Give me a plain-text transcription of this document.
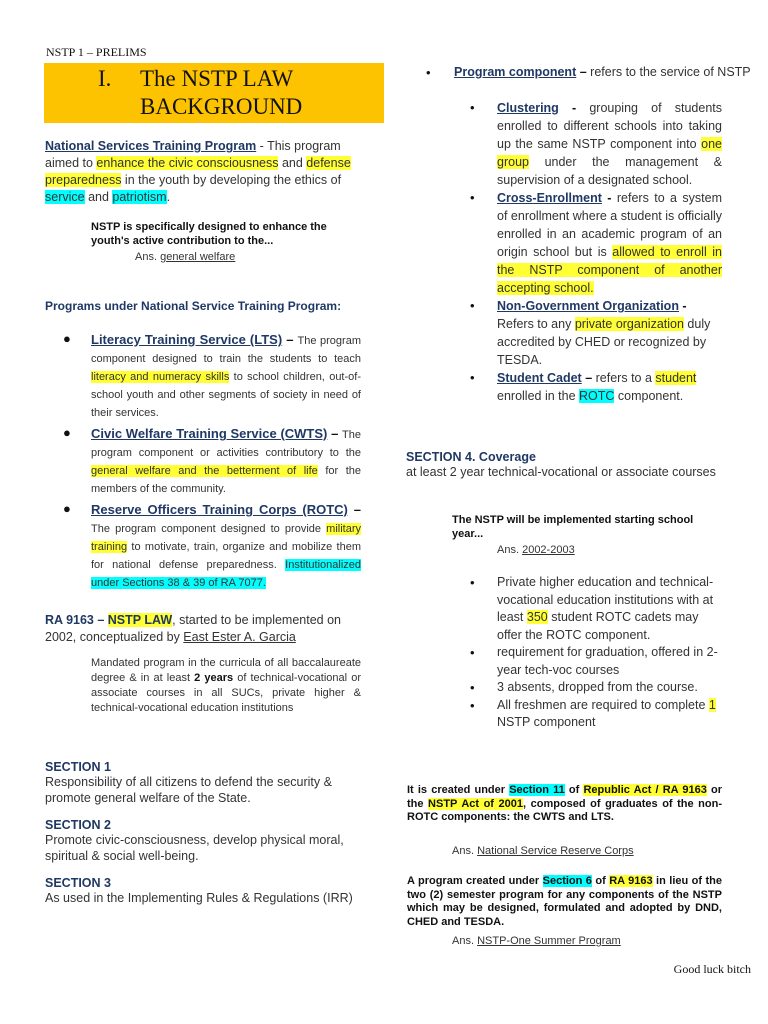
NSTP 1 – PRELIMS
I. The NSTP LAW
BACKGROUND
National Services Training Program - This program aimed to enhance the civic consciousness and defense preparedness in the youth by developing the ethics of service and patriotism.
NSTP is specifically designed to enhance the youth's active contribution to the...
Ans. general welfare
Programs under National Service Training Program:
● Literacy Training Service (LTS) – The program component designed to train the students to teach literacy and numeracy skills to school children, out-of-school youth and other segments of society in need of their services.
● Civic Welfare Training Service (CWTS) – The program component or activities contributory to the general welfare and the betterment of life for the members of the community.
● Reserve Officers Training Corps (ROTC) – The program component designed to provide military training to motivate, train, organize and mobilize them for national defense preparedness. Institutionalized under Sections 38 & 39 of RA 7077.
RA 9163 – NSTP LAW, started to be implemented on 2002, conceptualized by East Ester A. Garcia
Mandated program in the curricula of all baccalaureate degree & in at least 2 years of technical-vocational or associate courses in all SUCs, private higher & technical-vocational education institutions
SECTION 1
Responsibility of all citizens to defend the security & promote general welfare of the State.
SECTION 2
Promote civic-consciousness, develop physical moral, spiritual & social well-being.
SECTION 3
As used in the Implementing Rules & Regulations (IRR)
• Program component – refers to the service of NSTP
• Clustering - grouping of students enrolled to different schools into taking up the same NSTP component into one group under the management & supervision of a designated school.
• Cross-Enrollment - refers to a system of enrollment where a student is officially enrolled in an academic program of an origin school but is allowed to enroll in the NSTP component of another accepting school.
• Non-Government Organization - Refers to any private organization duly accredited by CHED or recognized by TESDA.
• Student Cadet – refers to a student enrolled in the ROTC component.
SECTION 4. Coverage
at least 2 year technical-vocational or associate courses
The NSTP will be implemented starting school year...
Ans. 2002-2003
• Private higher education and technical-vocational education institutions with at least 350 student ROTC cadets may offer the ROTC component.
• requirement for graduation, offered in 2-year tech-voc courses
• 3 absents, dropped from the course.
• All freshmen are required to complete 1 NSTP component
It is created under Section 11 of Republic Act / RA 9163 or the NSTP Act of 2001, composed of graduates of the non-ROTC components: the CWTS and LTS.
Ans. National Service Reserve Corps
A program created under Section 6 of RA 9163 in lieu of the two (2) semester program for any components of the NSTP which may be designed, formulated and adopted by DND, CHED and TESDA.
Ans. NSTP-One Summer Program
Good luck bitch
